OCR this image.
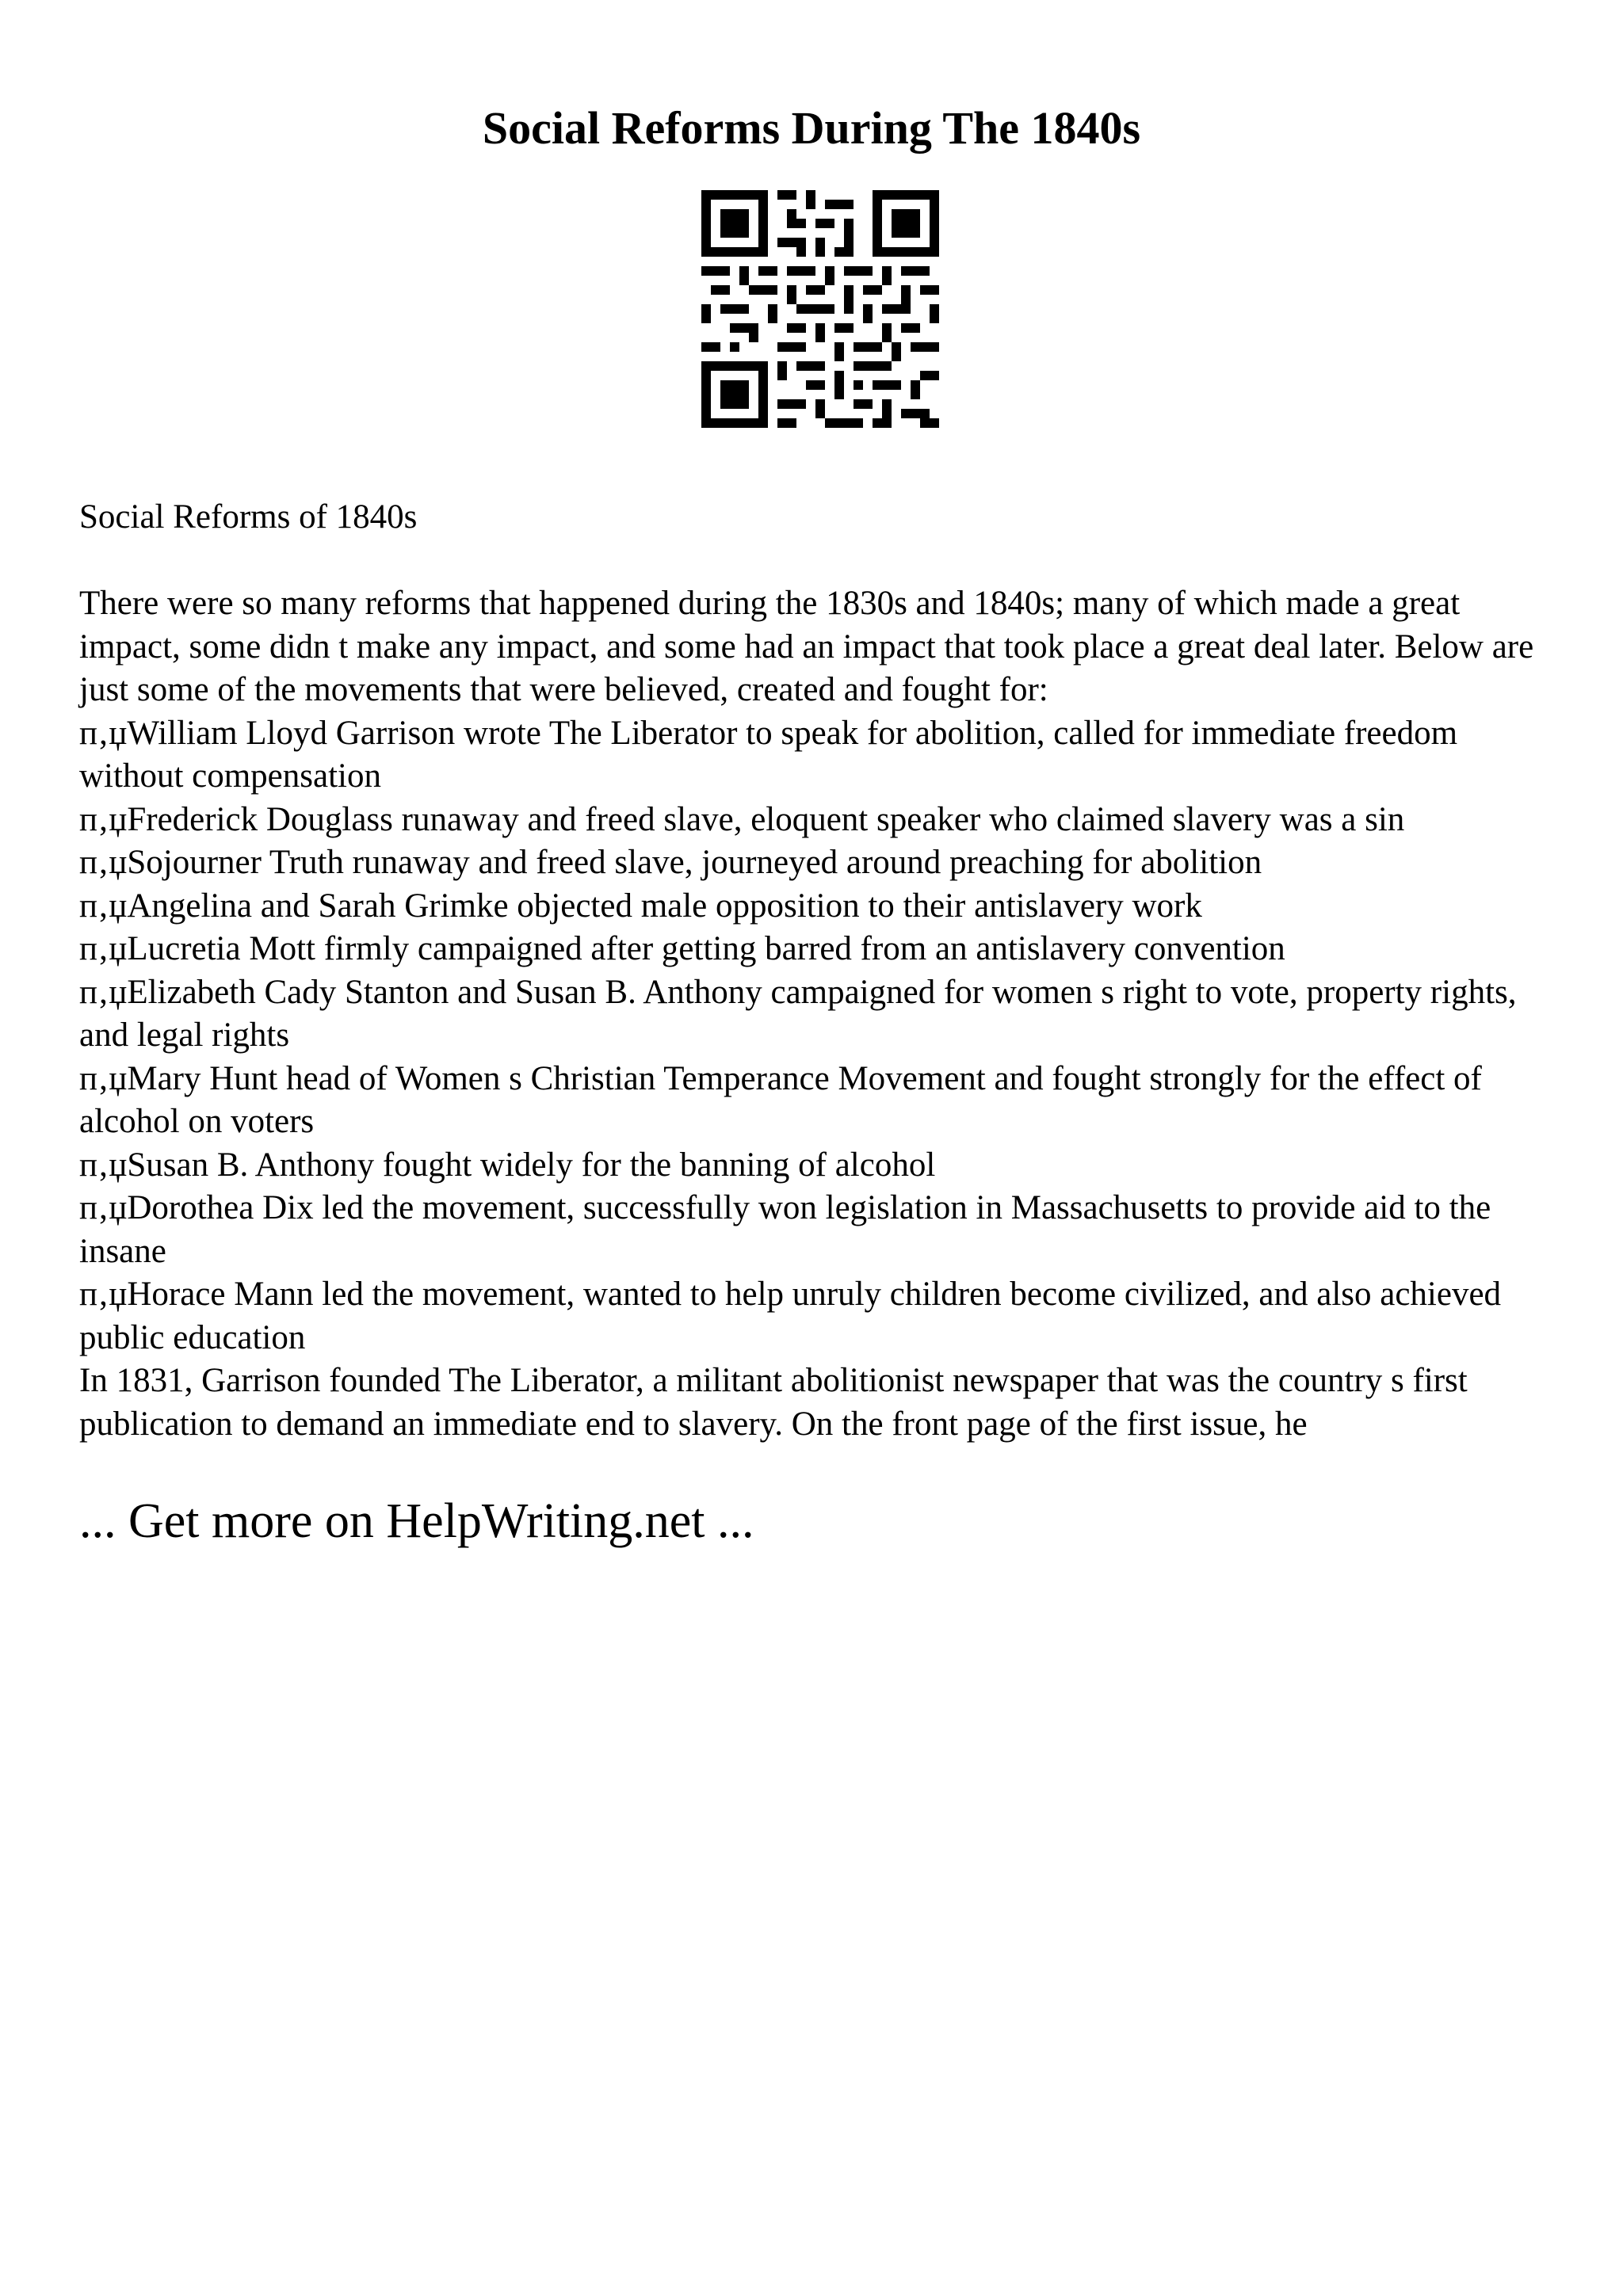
Social Reforms During The 1840s

Social Reforms of 1840s

There were so many reforms that happened during the 1830s and 1840s; many of which made a great impact, some didn t make any impact, and some had an impact that took place a great deal later. Below are just some of the movements that were believed, created and fought for:

п‚џWilliam Lloyd Garrison wrote The Liberator to speak for abolition, called for immediate freedom without compensation

п‚џFrederick Douglass runaway and freed slave, eloquent speaker who claimed slavery was a sin

п‚џSojourner Truth runaway and freed slave, journeyed around preaching for abolition

п‚џAngelina and Sarah Grimke objected male opposition to their antislavery work

п‚џLucretia Mott firmly campaigned after getting barred from an antislavery convention

п‚џElizabeth Cady Stanton and Susan B. Anthony campaigned for women s right to vote, property rights, and legal rights

п‚џMary Hunt head of Women s Christian Temperance Movement and fought strongly for the effect of alcohol on voters

п‚џSusan B. Anthony fought widely for the banning of alcohol

п‚џDorothea Dix led the movement, successfully won legislation in Massachusetts to provide aid to the insane

п‚џHorace Mann led the movement, wanted to help unruly children become civilized, and also achieved public education

In 1831, Garrison founded The Liberator, a militant abolitionist newspaper that was the country s first publication to demand an immediate end to slavery. On the front page of the first issue, he

... Get more on HelpWriting.net ...
